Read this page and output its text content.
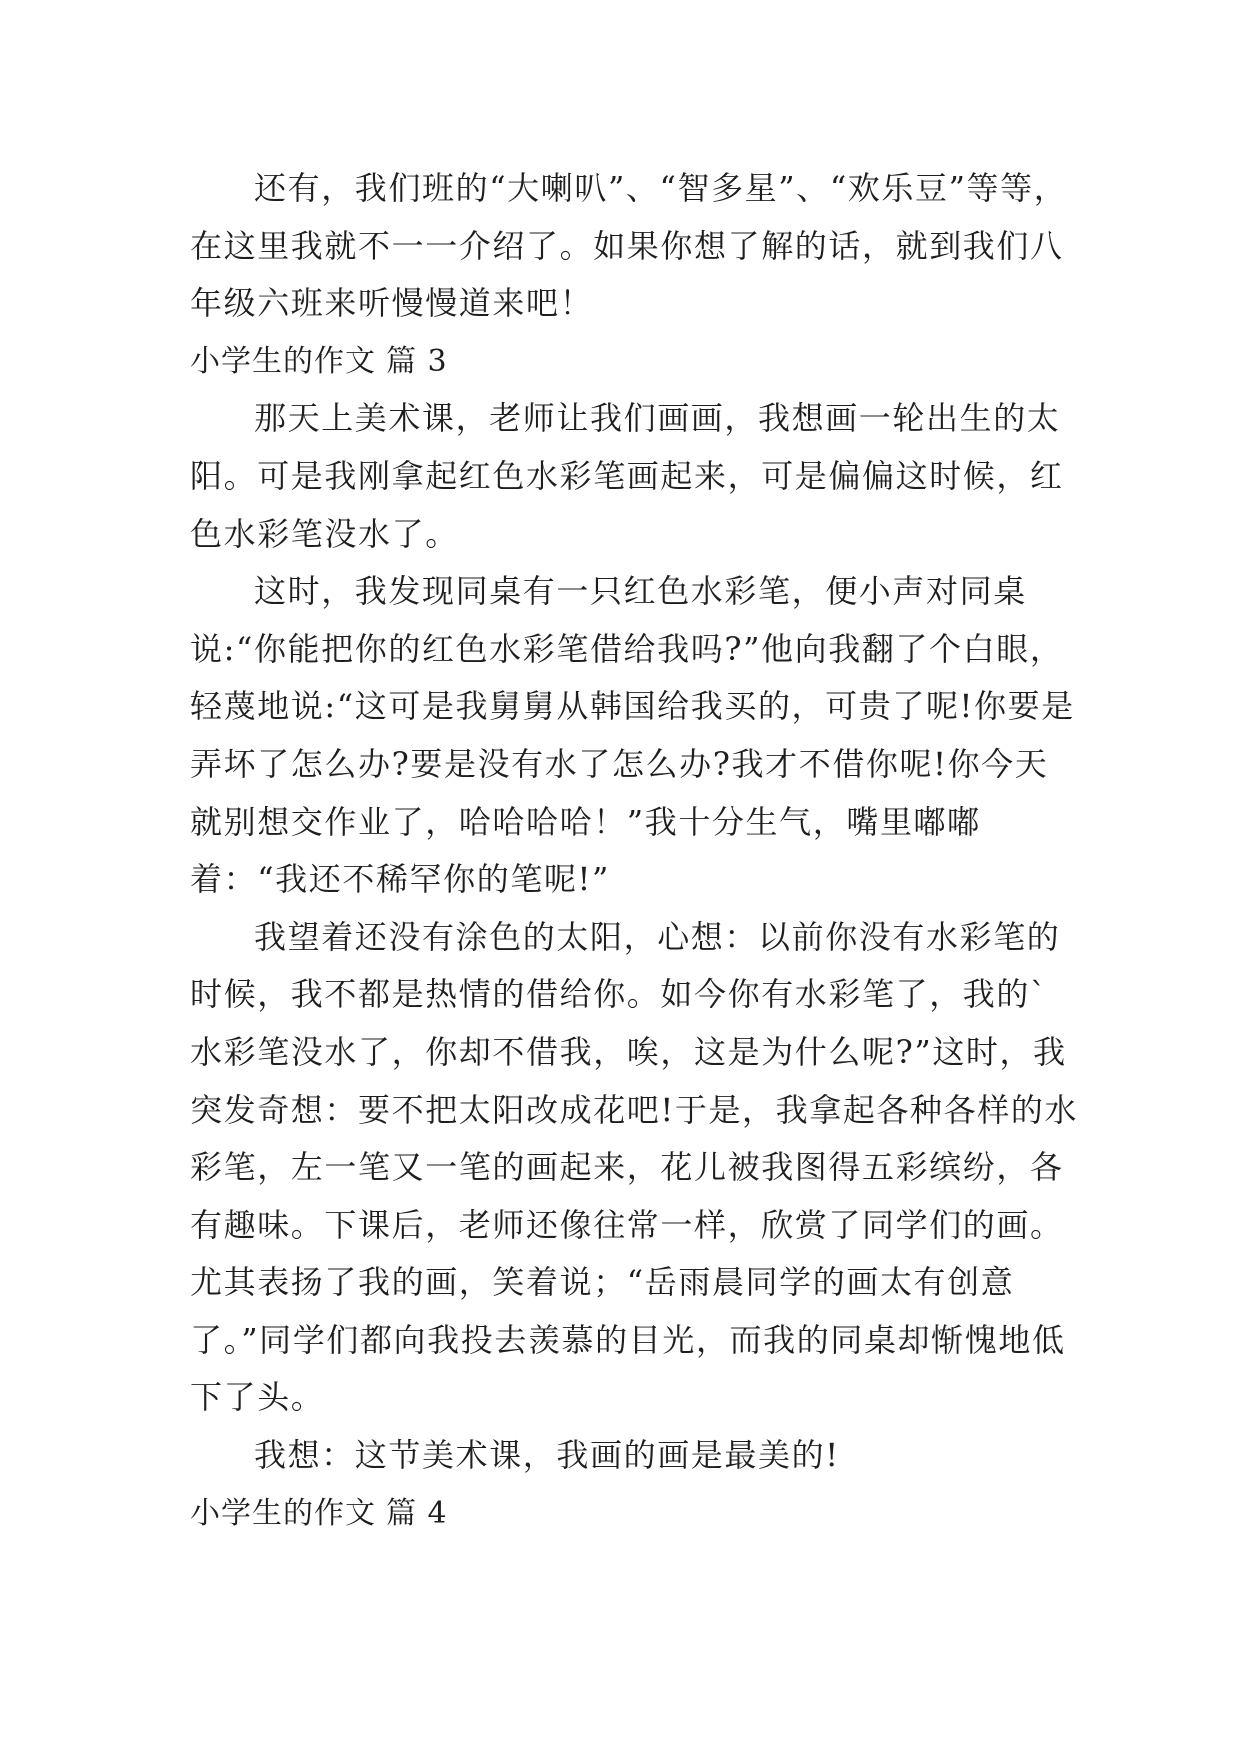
还有，我们班的“大喇叭”、“智多星”、“欢乐豆”等等，在这里我就不一一介绍了。如果你想了解的话，就到我们八年级六班来听慢慢道来吧！

小学生的作文 篇 3

那天上美术课，老师让我们画画，我想画一轮出生的太阳。可是我刚拿起红色水彩笔画起来，可是偏偏这时候，红色水彩笔没水了。

这时，我发现同桌有一只红色水彩笔，便小声对同桌说:“你能把你的红色水彩笔借给我吗?”他向我翻了个白眼，轻蔑地说:“这可是我舅舅从韩国给我买的，可贵了呢!你要是弄坏了怎么办?要是没有水了怎么办?我才不借你呢!你今天就别想交作业了，哈哈哈哈！”我十分生气，嘴里嘟嘟着：“我还不稀罕你的笔呢!”

我望着还没有涂色的太阳，心想：以前你没有水彩笔的时候，我不都是热情的借给你。如今你有水彩笔了，我的`水彩笔没水了，你却不借我，唉，这是为什么呢?”这时，我突发奇想：要不把太阳改成花吧!于是，我拿起各种各样的水彩笔，左一笔又一笔的画起来，花儿被我图得五彩缤纷，各有趣味。下课后，老师还像往常一样，欣赏了同学们的画。尤其表扬了我的画，笑着说；“岳雨晨同学的画太有创意了。”同学们都向我投去羡慕的目光，而我的同桌却惭愧地低下了头。

我想：这节美术课，我画的画是最美的!

小学生的作文 篇 4
